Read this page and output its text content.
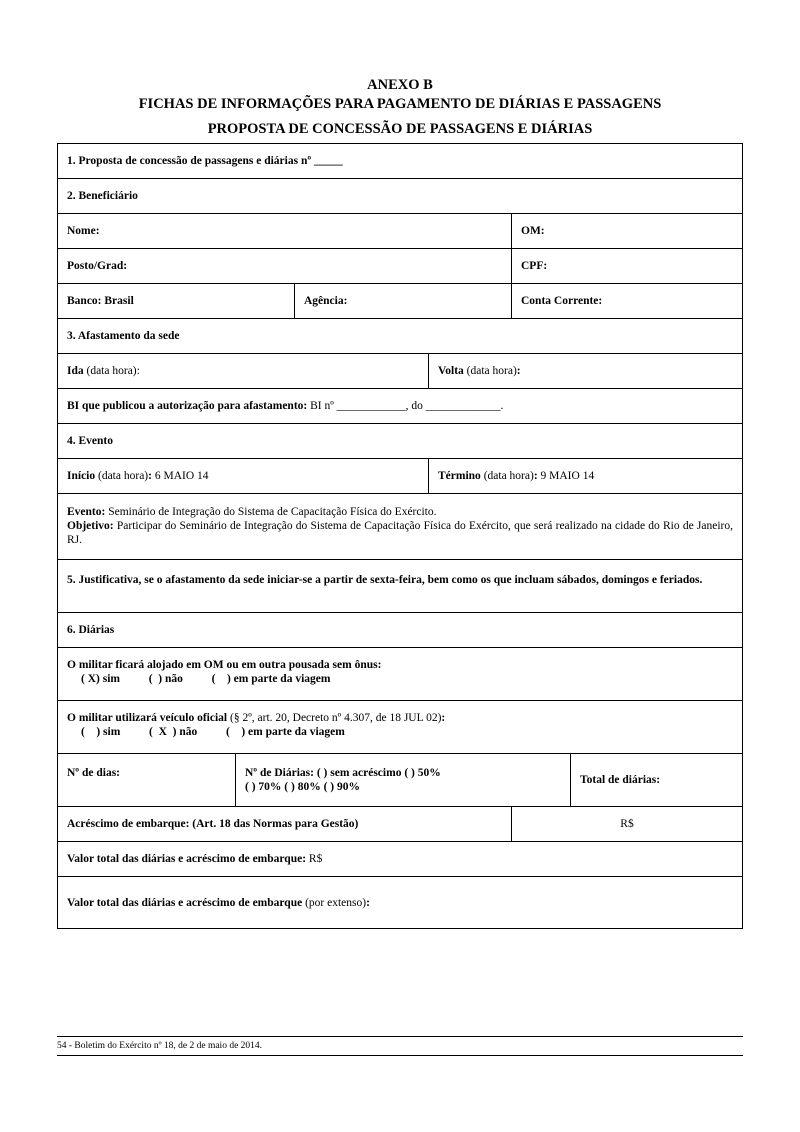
ANEXO B
FICHAS DE INFORMAÇÕES PARA PAGAMENTO DE DIÁRIAS E PASSAGENS
PROPOSTA DE CONCESSÃO DE PASSAGENS E DIÁRIAS
1. Proposta de concessão de passagens e diárias nº _____
2. Beneficiário
Nome:	OM:
Posto/Grad:	CPF:
Banco: Brasil	Agência:	Conta Corrente:
3. Afastamento da sede
Ida (data hora):	Volta (data hora):
BI que publicou a autorização para afastamento: BI nº ____________, do _____________.
4. Evento
Início (data hora): 6 MAIO 14	Término (data hora): 9 MAIO 14
Evento: Seminário de Integração do Sistema de Capacitação Física do Exército.
Objetivo: Participar do Seminário de Integração do Sistema de Capacitação Física do Exército, que será realizado na cidade do Rio de Janeiro, RJ.
5. Justificativa, se o afastamento da sede iniciar-se a partir de sexta-feira, bem como os que incluam sábados, domingos e feriados.
6. Diárias
O militar ficará alojado em OM ou em outra pousada sem ônus:
( X) sim          (  ) não          (    ) em parte da viagem
O militar utilizará veículo oficial (§ 2º, art. 20, Decreto nº 4.307, de 18 JUL 02):
(    ) sim          (  X  ) não          (    ) em parte da viagem
Nº de dias:	Nº de Diárias: ( ) sem acréscimo ( ) 50%
( ) 70% ( ) 80% ( ) 90%
Total de diárias:
Acréscimo de embarque: (Art. 18 das Normas para Gestão)	R$
Valor total das diárias e acréscimo de embarque: R$
Valor total das diárias e acréscimo de embarque (por extenso):
54 - Boletim do Exército nº 18, de 2 de maio de 2014.
